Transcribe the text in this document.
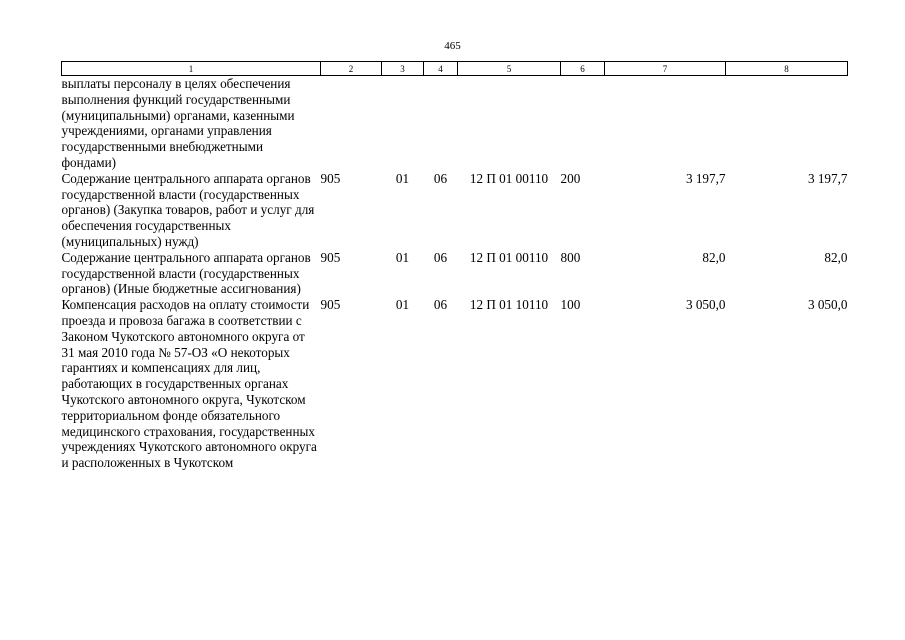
465
1	2	3	4	5	6	7	8
выплаты персоналу в целях обеспечения выполнения функций государственными (муниципальными) органами, казенными учреждениями, органами управления государственными внебюджетными фондами)							
Содержание центрального аппарата органов государственной власти (государственных органов) (Закупка товаров, работ и услуг для обеспечения государственных (муниципальных) нужд)	905	01	06	12 П 01 00110	200	3 197,7	3 197,7
Содержание центрального аппарата органов государственной власти (государственных органов) (Иные бюджетные ассигнования)	905	01	06	12 П 01 00110	800	82,0	82,0
Компенсация расходов на оплату стоимости проезда и провоза багажа в соответствии с Законом Чукотского автономного округа от 31 мая 2010 года № 57-ОЗ «О некоторых гарантиях и компенсациях для лиц, работающих в государственных органах Чукотского автономного округа, Чукотском территориальном фонде обязательного медицинского страхования, государственных учреждениях Чукотского автономного округа и расположенных в Чукотском	905	01	06	12 П 01 10110	100	3 050,0	3 050,0
